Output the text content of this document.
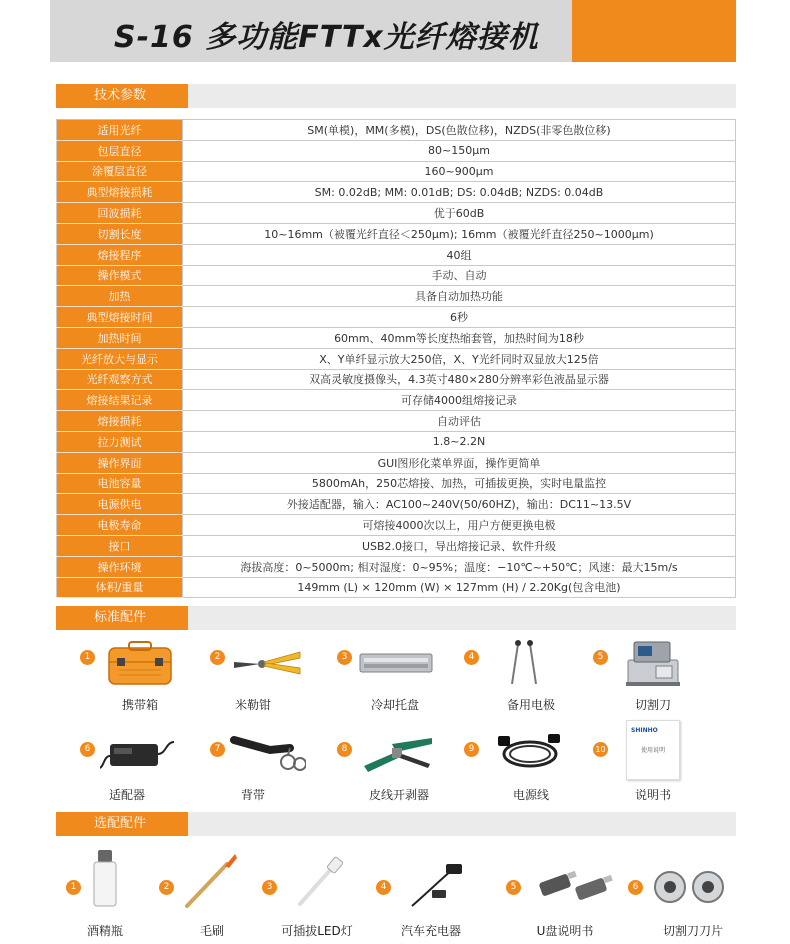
S-16 多功能FTTx光纤熔接机
技术参数
适用光纤	SM(单模)，MM(多模)，DS(色散位移)，NZDS(非零色散位移)
包层直径	80~150μm
涂覆层直径	160~900μm
典型熔接损耗	SM: 0.02dB; MM: 0.01dB; DS: 0.04dB; NZDS: 0.04dB
回波损耗	优于60dB
切割长度	10~16mm（被覆光纤直径＜250μm); 16mm（被覆光纤直径250~1000μm)
熔接程序	40组
操作模式	手动、自动
加热	具备自动加热功能
典型熔接时间	6秒
加热时间	60mm、40mm等长度热缩套管，加热时间为18秒
光纤放大与显示	X、Y单纤显示放大250倍，X、Y光纤同时双显放大125倍
光纤观察方式	双高灵敏度摄像头，4.3英寸480×280分辨率彩色液晶显示器
熔接结果记录	可存储4000组熔接记录
熔接损耗	自动评估
拉力测试	1.8~2.2N
操作界面	GUI图形化菜单界面，操作更简单
电池容量	5800mAh，250芯熔接、加热，可插拔更换，实时电量监控
电源供电	外接适配器，输入：AC100~240V(50/60HZ)，输出：DC11~13.5V
电极寿命	可熔接4000次以上，用户方便更换电极
接口	USB2.0接口，导出熔接记录、软件升级
操作环境	海拔高度：0~5000m; 相对湿度：0~95%；温度：−10℃~+50℃；风速：最大15m/s
体积/重量	149mm (L) × 120mm (W) × 127mm (H) / 2.20Kg(包含电池)
标准配件
1
携带箱
2
米勒钳
3
冷却托盘
4
备用电极
5
切割刀
6
适配器
7
背带
8
皮线开剥器
9
电源线
10
SHINHO
使用说明
说明书
选配配件
1
酒精瓶
2
毛刷
3
可插拔LED灯
4
汽车充电器
5
U盘说明书
6
切割刀刀片
